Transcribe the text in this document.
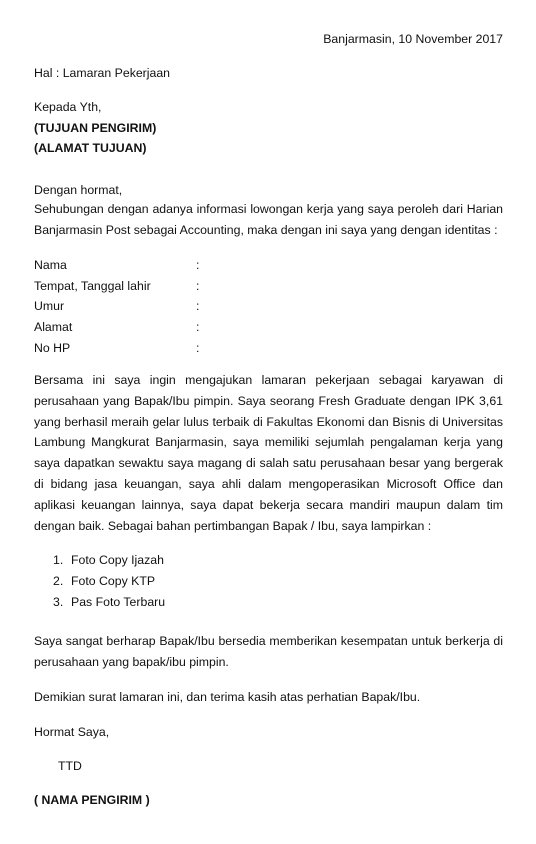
Banjarmasin, 10 November 2017
Hal : Lamaran Pekerjaan
Kepada Yth,
(TUJUAN PENGIRIM)
(ALAMAT TUJUAN)
Dengan hormat,
Sehubungan dengan adanya informasi lowongan kerja yang saya peroleh dari Harian Banjarmasin Post sebagai Accounting, maka dengan ini saya yang dengan identitas :
Nama	:
Tempat, Tanggal lahir	:
Umur	:
Alamat	:
No HP	:
Bersama ini saya ingin mengajukan lamaran pekerjaan sebagai karyawan di perusahaan yang Bapak/Ibu pimpin. Saya seorang Fresh Graduate dengan IPK 3,61 yang berhasil meraih gelar lulus terbaik di Fakultas Ekonomi dan Bisnis di Universitas Lambung Mangkurat Banjarmasin, saya memiliki sejumlah pengalaman kerja yang saya dapatkan sewaktu saya magang di salah satu perusahaan besar yang bergerak di bidang jasa keuangan, saya ahli dalam mengoperasikan Microsoft Office dan aplikasi keuangan lainnya, saya dapat bekerja secara mandiri maupun dalam tim dengan baik. Sebagai bahan pertimbangan Bapak / Ibu, saya lampirkan :
1. Foto Copy Ijazah
2. Foto Copy KTP
3. Pas Foto Terbaru
Saya sangat berharap Bapak/Ibu bersedia memberikan kesempatan untuk berkerja di perusahaan yang bapak/ibu pimpin.
Demikian surat lamaran ini, dan terima kasih atas perhatian Bapak/Ibu.
Hormat Saya,
TTD
( NAMA PENGIRIM )
